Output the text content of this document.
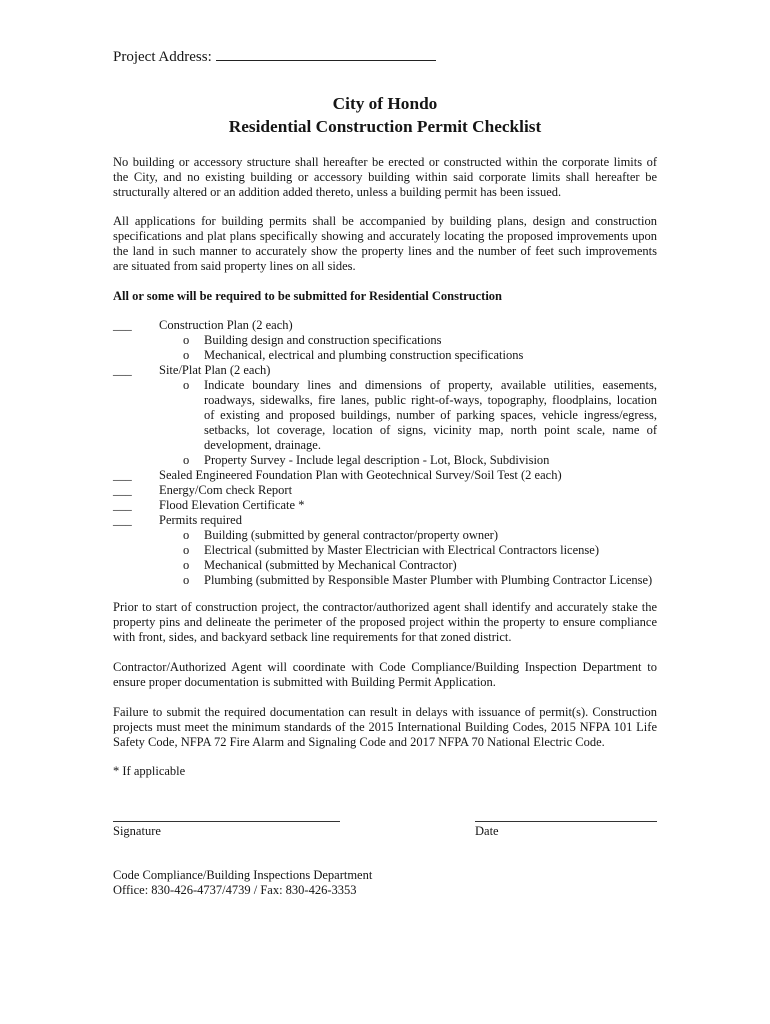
Project Address:
City of Hondo
Residential Construction Permit Checklist
No building or accessory structure shall hereafter be erected or constructed within the corporate limits of
the City, and no existing building or accessory building within said corporate limits shall hereafter be
structurally altered or an addition added thereto, unless a building permit has been issued.
All applications for building permits shall be accompanied by building plans, design and construction
specifications and plat plans specifically showing and accurately locating the proposed improvements upon
the land in such manner to accurately show the property lines and the number of feet such improvements
are situated from said property lines on all sides.
All or some will be required to be submitted for Residential Construction
___ Construction Plan (2 each)
o Building design and construction specifications
o Mechanical, electrical and plumbing construction specifications
___ Site/Plat Plan (2 each)
o Indicate boundary lines and dimensions of property, available utilities, easements,
roadways, sidewalks, fire lanes, public right-of-ways, topography, floodplains, location
of existing and proposed buildings, number of parking spaces, vehicle ingress/egress,
setbacks, lot coverage, location of signs, vicinity map, north point scale, name of
development, drainage.
o Property Survey - Include legal description - Lot, Block, Subdivision
___ Sealed Engineered Foundation Plan with Geotechnical Survey/Soil Test (2 each)
___ Energy/Com check Report
___ Flood Elevation Certificate *
___ Permits required
o Building (submitted by general contractor/property owner)
o Electrical (submitted by Master Electrician with Electrical Contractors license)
o Mechanical (submitted by Mechanical Contractor)
o Plumbing (submitted by Responsible Master Plumber with Plumbing Contractor License)
Prior to start of construction project, the contractor/authorized agent shall identify and accurately stake the
property pins and delineate the perimeter of the proposed project within the property to ensure compliance
with front, sides, and backyard setback line requirements for that zoned district.
Contractor/Authorized Agent will coordinate with Code Compliance/Building Inspection Department to
ensure proper documentation is submitted with Building Permit Application.
Failure to submit the required documentation can result in delays with issuance of permit(s). Construction
projects must meet the minimum standards of the 2015 International Building Codes, 2015 NFPA 101 Life
Safety Code, NFPA 72 Fire Alarm and Signaling Code and 2017 NFPA 70 National Electric Code.
* If applicable
Signature	Date
Code Compliance/Building Inspections Department
Office: 830-426-4737/4739 / Fax: 830-426-3353
